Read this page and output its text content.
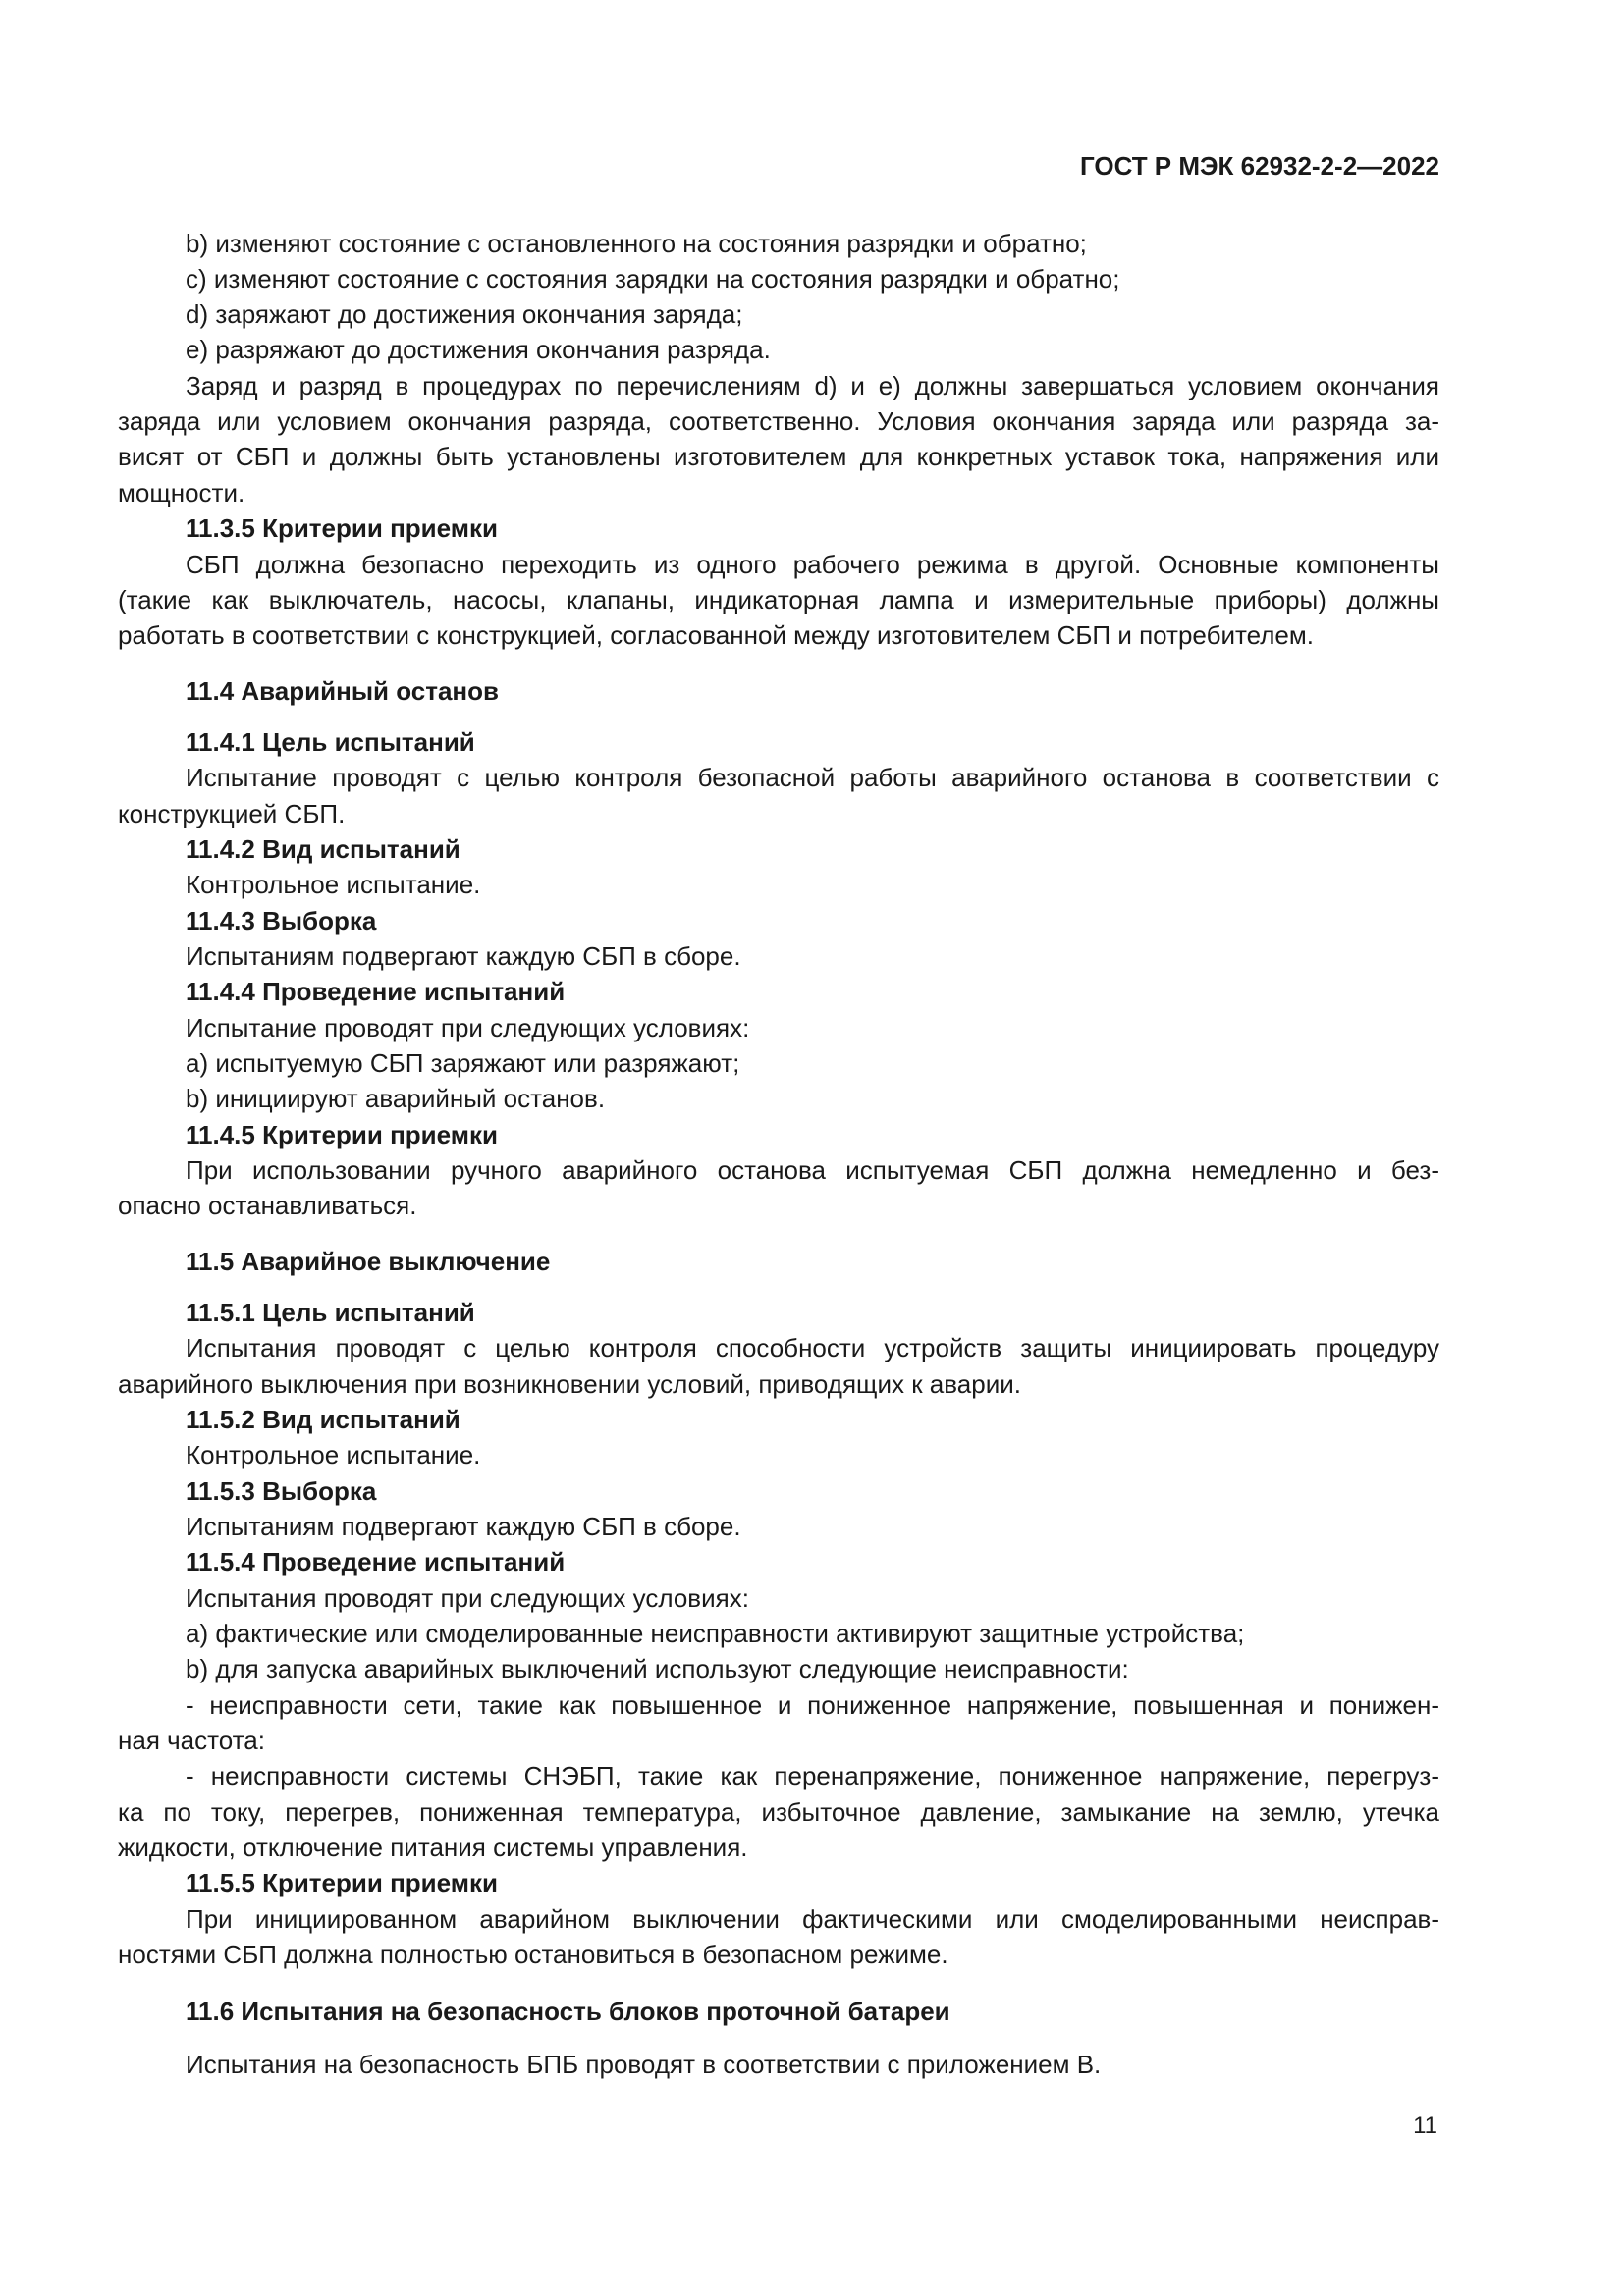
ГОСТ Р МЭК 62932-2-2—2022
b) изменяют состояние с остановленного на состояния разрядки и обратно;
c) изменяют состояние с состояния зарядки на состояния разрядки и обратно;
d) заряжают до достижения окончания заряда;
e) разряжают до достижения окончания разряда.
Заряд и разряд в процедурах по перечислениям d) и e) должны завершаться условием окончания
заряда или условием окончания разряда, соответственно. Условия окончания заряда или разряда за-
висят от СБП и должны быть установлены изготовителем для конкретных уставок тока, напряжения или
мощности.
11.3.5 Критерии приемки
СБП должна безопасно переходить из одного рабочего режима в другой. Основные компоненты
(такие как выключатель, насосы, клапаны, индикаторная лампа и измерительные приборы) должны
работать в соответствии с конструкцией, согласованной между изготовителем СБП и потребителем.
11.4 Аварийный останов
11.4.1 Цель испытаний
Испытание проводят с целью контроля безопасной работы аварийного останова в соответствии с
конструкцией СБП.
11.4.2 Вид испытаний
Контрольное испытание.
11.4.3 Выборка
Испытаниям подвергают каждую СБП в сборе.
11.4.4 Проведение испытаний
Испытание проводят при следующих условиях:
a) испытуемую СБП заряжают или разряжают;
b) инициируют аварийный останов.
11.4.5 Критерии приемки
При использовании ручного аварийного останова испытуемая СБП должна немедленно и без-
опасно останавливаться.
11.5 Аварийное выключение
11.5.1 Цель испытаний
Испытания проводят с целью контроля способности устройств защиты инициировать процедуру
аварийного выключения при возникновении условий, приводящих к аварии.
11.5.2 Вид испытаний
Контрольное испытание.
11.5.3 Выборка
Испытаниям подвергают каждую СБП в сборе.
11.5.4 Проведение испытаний
Испытания проводят при следующих условиях:
a) фактические или смоделированные неисправности активируют защитные устройства;
b) для запуска аварийных выключений используют следующие неисправности:
- неисправности сети, такие как повышенное и пониженное напряжение, повышенная и понижен-
ная частота:
- неисправности системы СНЭБП, такие как перенапряжение, пониженное напряжение, перегруз-
ка по току, перегрев, пониженная температура, избыточное давление, замыкание на землю, утечка
жидкости, отключение питания системы управления.
11.5.5 Критерии приемки
При инициированном аварийном выключении фактическими или смоделированными неиспрaв-
ностями СБП должна полностью остановиться в безопасном режиме.
11.6 Испытания на безопасность блоков проточной батареи
Испытания на безопасность БПБ проводят в соответствии с приложением В.
11
